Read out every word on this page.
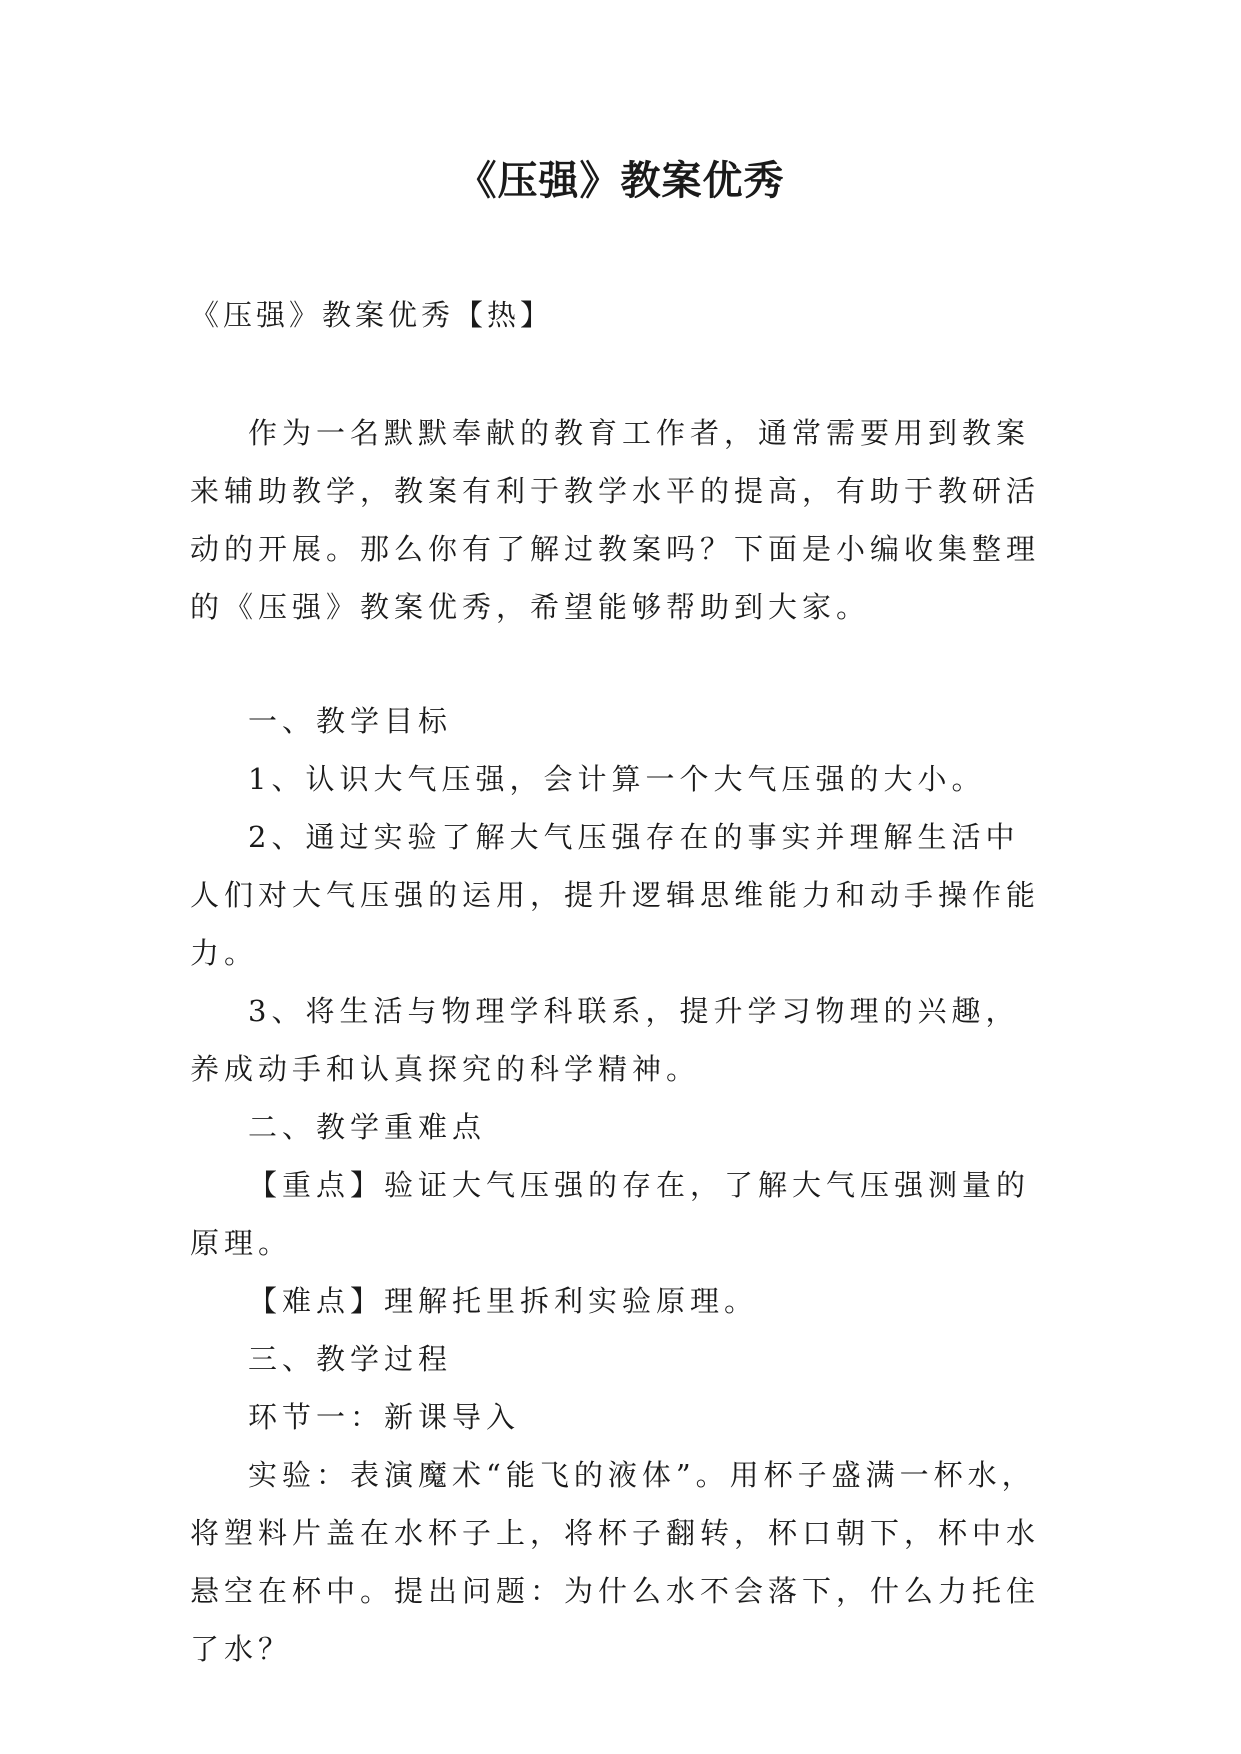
《压强》教案优秀
《压强》教案优秀【热】

作为一名默默奉献的教育工作者，通常需要用到教案来辅助教学，教案有利于教学水平的提高，有助于教研活动的开展。那么你有了解过教案吗？下面是小编收集整理的《压强》教案优秀，希望能够帮助到大家。

一、教学目标

1、认识大气压强，会计算一个大气压强的大小。

2、通过实验了解大气压强存在的事实并理解生活中人们对大气压强的运用，提升逻辑思维能力和动手操作能力。

3、将生活与物理学科联系，提升学习物理的兴趣，养成动手和认真探究的科学精神。

二、教学重难点

【重点】验证大气压强的存在，了解大气压强测量的原理。

【难点】理解托里拆利实验原理。

三、教学过程

环节一：新课导入

实验：表演魔术“能飞的液体”。用杯子盛满一杯水，将塑料片盖在水杯子上，将杯子翻转，杯口朝下，杯中水悬空在杯中。提出问题：为什么水不会落下，什么力托住了水？
